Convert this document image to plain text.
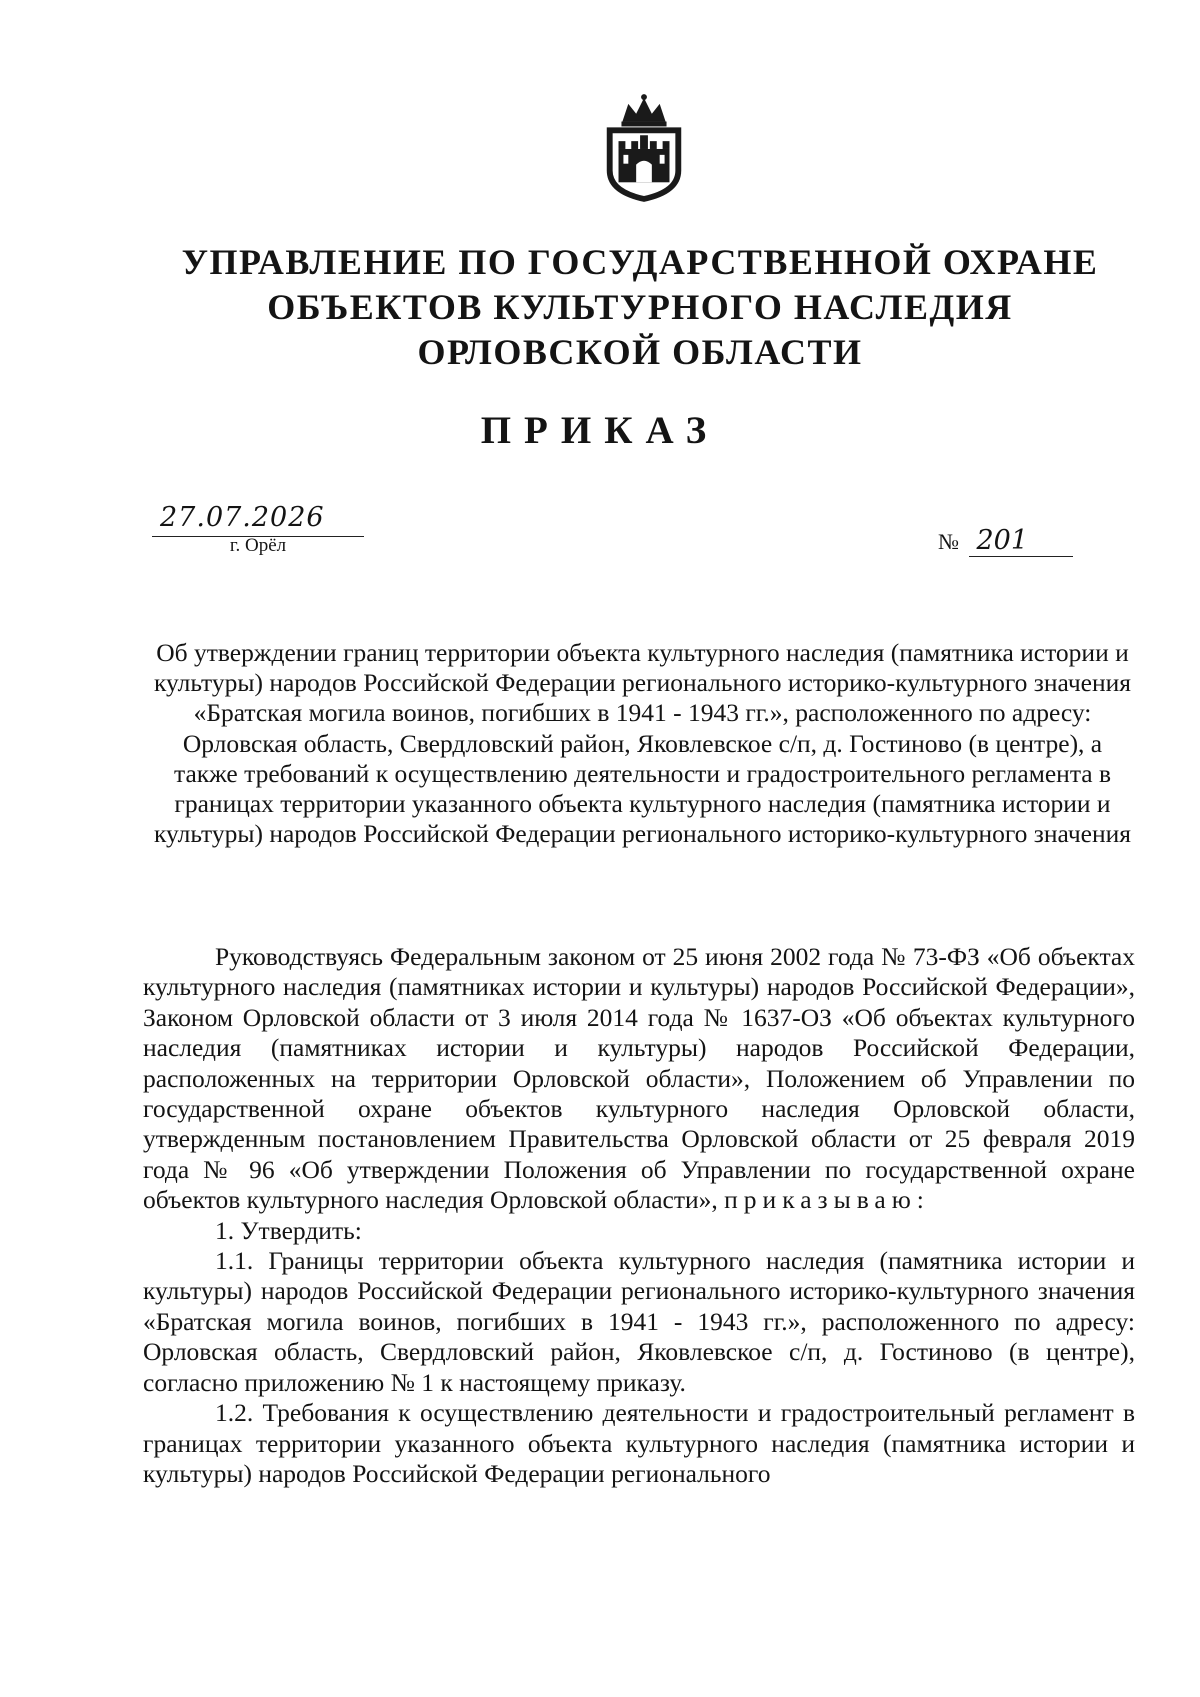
УПРАВЛЕНИЕ ПО ГОСУДАРСТВЕННОЙ ОХРАНЕ
ОБЪЕКТОВ КУЛЬТУРНОГО НАСЛЕДИЯ
ОРЛОВСКОЙ ОБЛАСТИ
ПРИКАЗ
27.07.2026
г. Орёл	№ 201
Об утверждении границ территории объекта культурного наследия (памятника истории и культуры) народов Российской Федерации регионального историко-культурного значения «Братская могила воинов, погибших в 1941 - 1943 гг.», расположенного по адресу: Орловская область, Свердловский район, Яковлевское с/п, д. Гостиново (в центре), а также требований к осуществлению деятельности и градостроительного регламента в границах территории указанного объекта культурного наследия (памятника истории и культуры) народов Российской Федерации регионального историко-культурного значения

Руководствуясь Федеральным законом от 25 июня 2002 года № 73-ФЗ «Об объектах культурного наследия (памятниках истории и культуры) народов Российской Федерации», Законом Орловской области от 3 июля 2014 года № 1637-ОЗ «Об объектах культурного наследия (памятниках истории и культуры) народов Российской Федерации, расположенных на территории Орловской области», Положением об Управлении по государственной охране объектов культурного наследия Орловской области, утвержденным постановлением Правительства Орловской области от 25 февраля 2019 года № 96 «Об утверждении Положения об Управлении по государственной охране объектов культурного наследия Орловской области», приказываю:

1. Утвердить:

1.1. Границы территории объекта культурного наследия (памятника истории и культуры) народов Российской Федерации регионального историко-культурного значения «Братская могила воинов, погибших в 1941 - 1943 гг.», расположенного по адресу: Орловская область, Свердловский район, Яковлевское с/п, д. Гостиново (в центре), согласно приложению № 1 к настоящему приказу.

1.2. Требования к осуществлению деятельности и градостроительный регламент в границах территории указанного объекта культурного наследия (памятника истории и культуры) народов Российской Федерации регионального
